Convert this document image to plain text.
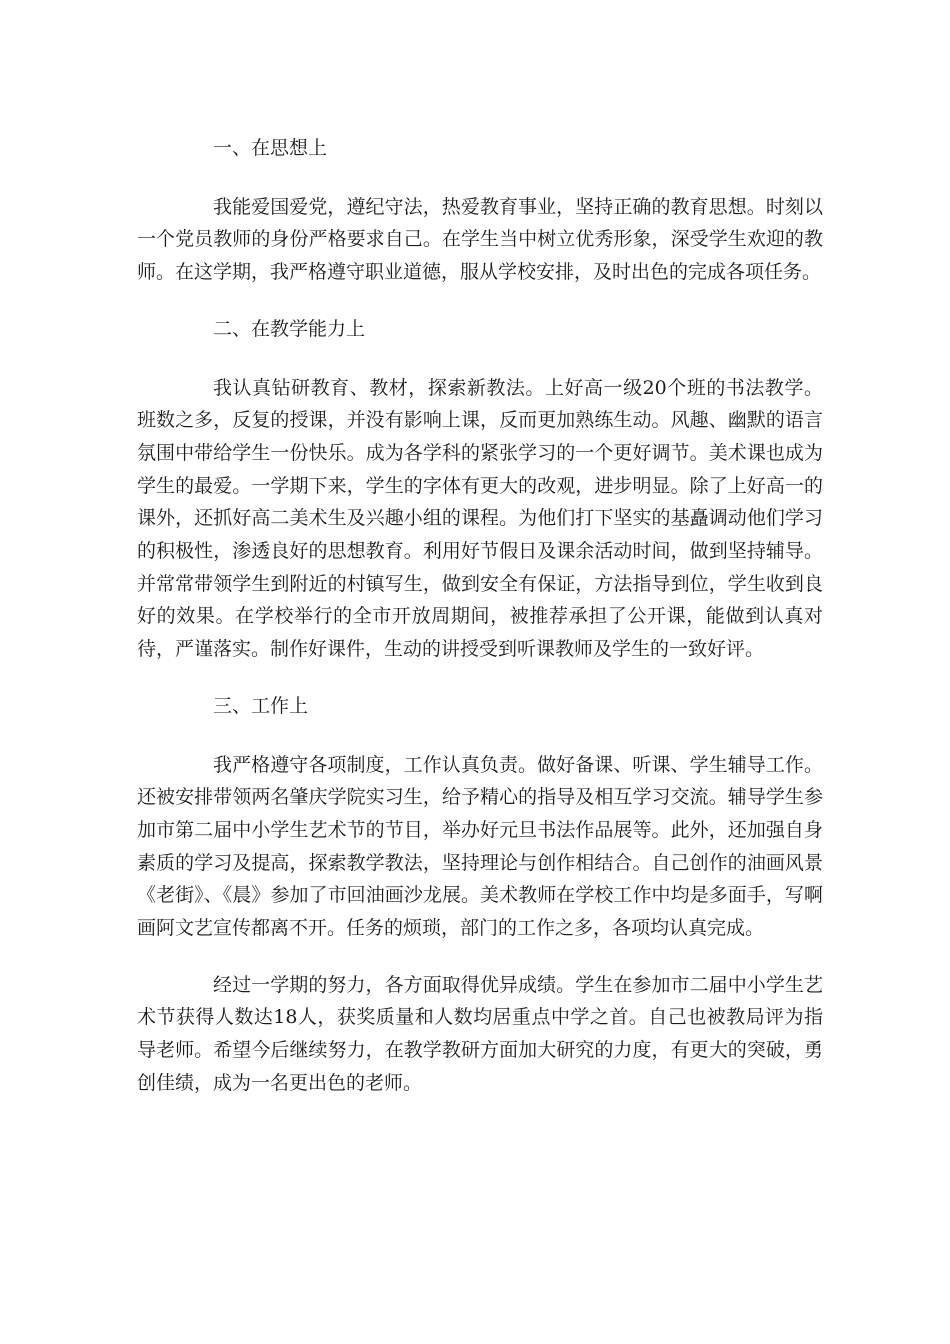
一、在思想上
我能爱国爱党，遵纪守法，热爱教育事业，坚持正确的教育思想。时刻以一个党员教师的身份严格要求自己。在学生当中树立优秀形象，深受学生欢迎的教师。在这学期，我严格遵守职业道德，服从学校安排，及时出色的完成各项任务。
二、在教学能力上
我认真钻研教育、教材，探索新教法。上好高一级20个班的书法教学。班数之多，反复的授课，并没有影响上课，反而更加熟练生动。风趣、幽默的语言氛围中带给学生一份快乐。成为各学科的紧张学习的一个更好调节。美术课也成为学生的最爱。一学期下来，学生的字体有更大的改观，进步明显。除了上好高一的课外，还抓好高二美术生及兴趣小组的课程。为他们打下坚实的基矗调动他们学习的积极性，渗透良好的思想教育。利用好节假日及课余活动时间，做到坚持辅导。并常常带领学生到附近的村镇写生，做到安全有保证，方法指导到位，学生收到良好的效果。在学校举行的全市开放周期间，被推荐承担了公开课，能做到认真对待，严谨落实。制作好课件，生动的讲授受到听课教师及学生的一致好评。
三、工作上
我严格遵守各项制度，工作认真负责。做好备课、听课、学生辅导工作。还被安排带领两名肇庆学院实习生，给予精心的指导及相互学习交流。辅导学生参加市第二届中小学生艺术节的节目，举办好元旦书法作品展等。此外，还加强自身素质的学习及提高，探索教学教法，坚持理论与创作相结合。自己创作的油画风景《老街》、《晨》参加了市回油画沙龙展。美术教师在学校工作中均是多面手，写啊画阿文艺宣传都离不开。任务的烦琐，部门的工作之多，各项均认真完成。
经过一学期的努力，各方面取得优异成绩。学生在参加市二届中小学生艺术节获得人数达18人，获奖质量和人数均居重点中学之首。自己也被教局评为指导老师。希望今后继续努力，在教学教研方面加大研究的力度，有更大的突破，勇创佳绩，成为一名更出色的老师。
